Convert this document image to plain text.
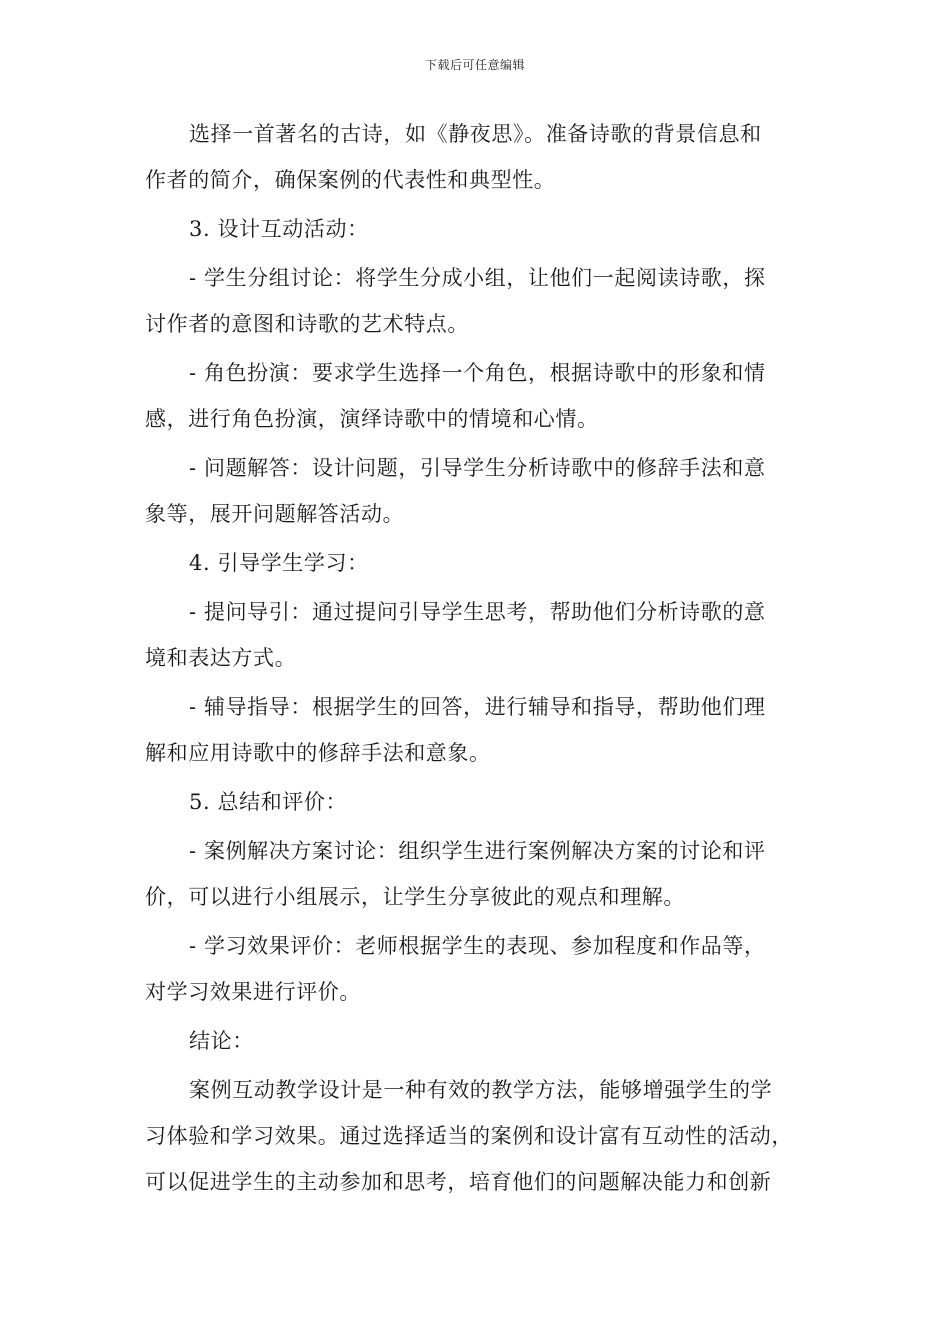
下载后可任意编辑
选择一首著名的古诗，如《静夜思》。准备诗歌的背景信息和
作者的简介，确保案例的代表性和典型性。
3. 设计互动活动：
- 学生分组讨论：将学生分成小组，让他们一起阅读诗歌，探
讨作者的意图和诗歌的艺术特点。
- 角色扮演：要求学生选择一个角色，根据诗歌中的形象和情
感，进行角色扮演，演绎诗歌中的情境和心情。
- 问题解答：设计问题，引导学生分析诗歌中的修辞手法和意
象等，展开问题解答活动。
4. 引导学生学习：
- 提问导引：通过提问引导学生思考，帮助他们分析诗歌的意
境和表达方式。
- 辅导指导：根据学生的回答，进行辅导和指导，帮助他们理
解和应用诗歌中的修辞手法和意象。
5. 总结和评价：
- 案例解决方案讨论：组织学生进行案例解决方案的讨论和评
价，可以进行小组展示，让学生分享彼此的观点和理解。
- 学习效果评价：老师根据学生的表现、参加程度和作品等，
对学习效果进行评价。
结论：
案例互动教学设计是一种有效的教学方法，能够增强学生的学
习体验和学习效果。通过选择适当的案例和设计富有互动性的活动，
可以促进学生的主动参加和思考，培育他们的问题解决能力和创新
